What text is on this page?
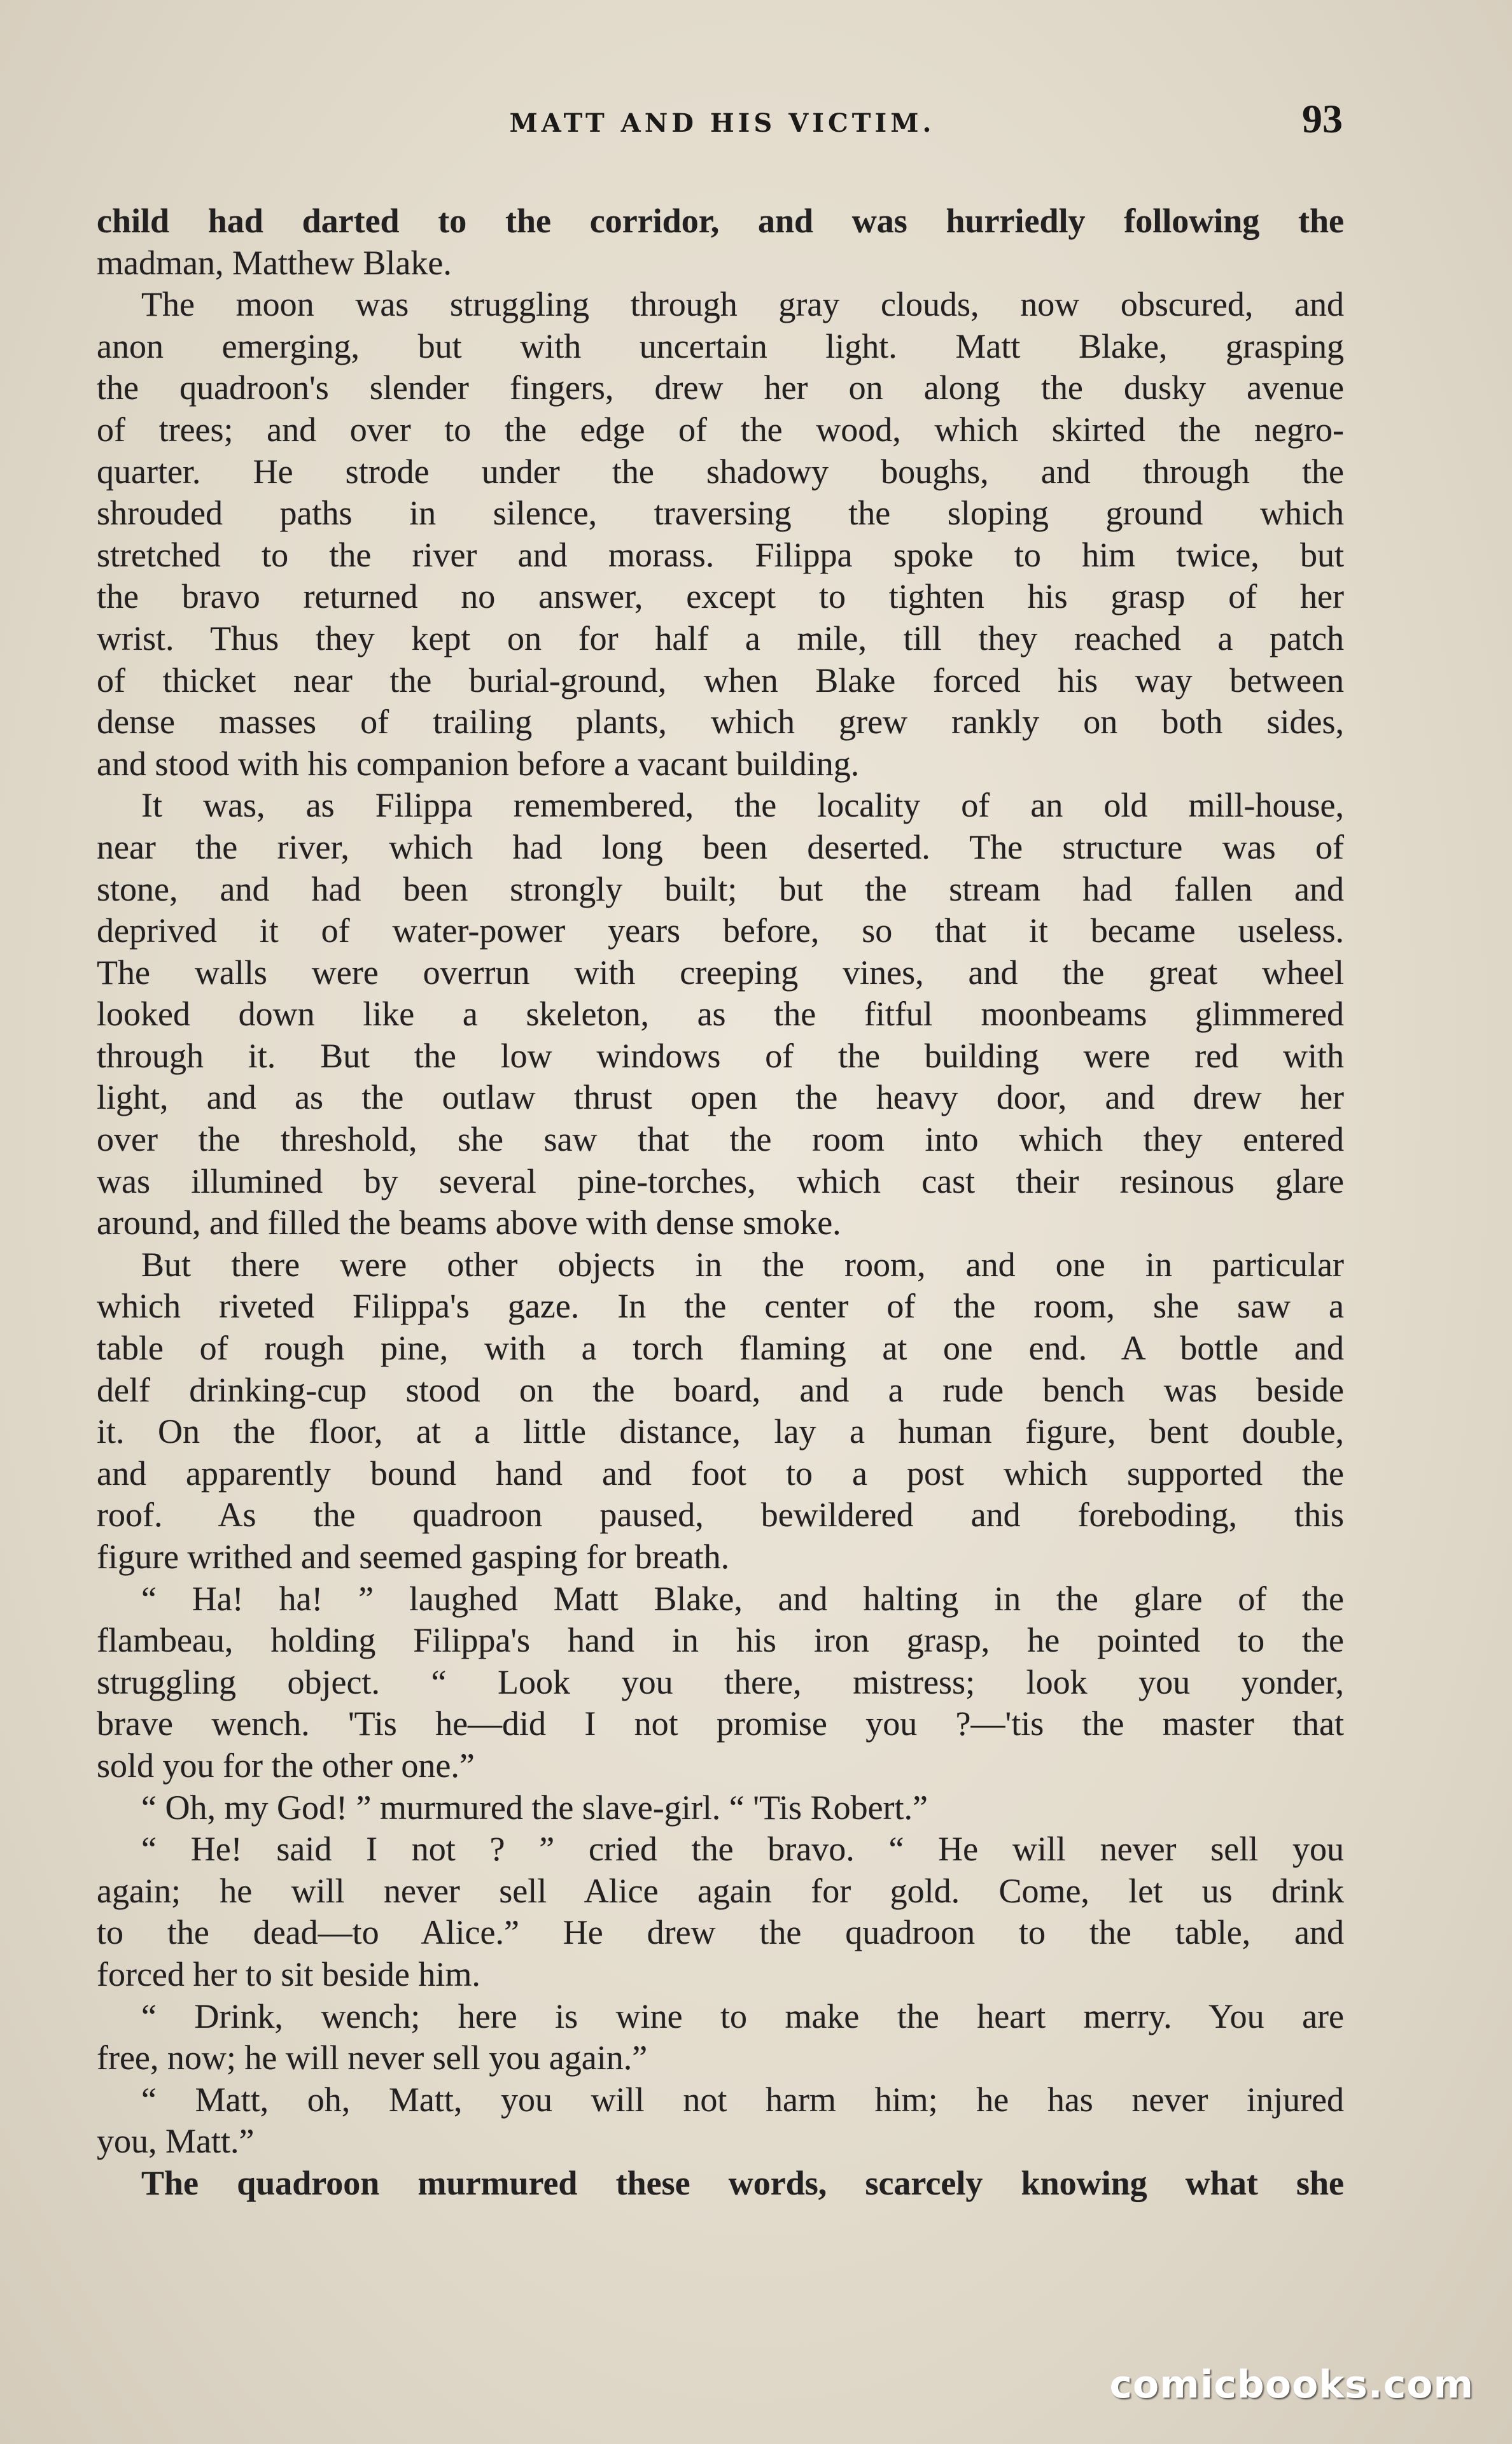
MATT AND HIS VICTIM.	93
child had darted to the corridor, and was hurriedly following the
madman, Matthew Blake.
The moon was struggling through gray clouds, now obscured, and
anon emerging, but with uncertain light. Matt Blake, grasping
the quadroon's slender fingers, drew her on along the dusky avenue
of trees; and over to the edge of the wood, which skirted the negro-
quarter. He strode under the shadowy boughs, and through the
shrouded paths in silence, traversing the sloping ground which
stretched to the river and morass. Filippa spoke to him twice, but
the bravo returned no answer, except to tighten his grasp of her
wrist. Thus they kept on for half a mile, till they reached a patch
of thicket near the burial-ground, when Blake forced his way between
dense masses of trailing plants, which grew rankly on both sides,
and stood with his companion before a vacant building.
It was, as Filippa remembered, the locality of an old mill-house,
near the river, which had long been deserted. The structure was of
stone, and had been strongly built; but the stream had fallen and
deprived it of water-power years before, so that it became useless.
The walls were overrun with creeping vines, and the great wheel
looked down like a skeleton, as the fitful moonbeams glimmered
through it. But the low windows of the building were red with
light, and as the outlaw thrust open the heavy door, and drew her
over the threshold, she saw that the room into which they entered
was illumined by several pine-torches, which cast their resinous glare
around, and filled the beams above with dense smoke.
But there were other objects in the room, and one in particular
which riveted Filippa's gaze. In the center of the room, she saw a
table of rough pine, with a torch flaming at one end. A bottle and
delf drinking-cup stood on the board, and a rude bench was beside
it. On the floor, at a little distance, lay a human figure, bent double,
and apparently bound hand and foot to a post which supported the
roof. As the quadroon paused, bewildered and foreboding, this
figure writhed and seemed gasping for breath.
“ Ha! ha! ” laughed Matt Blake, and halting in the glare of the
flambeau, holding Filippa's hand in his iron grasp, he pointed to the
struggling object. “ Look you there, mistress; look you yonder,
brave wench. 'Tis he—did I not promise you ?—'tis the master that
sold you for the other one.”
“ Oh, my God! ” murmured the slave-girl. “ 'Tis Robert.”
“ He! said I not ? ” cried the bravo. “ He will never sell you
again; he will never sell Alice again for gold. Come, let us drink
to the dead—to Alice.” He drew the quadroon to the table, and
forced her to sit beside him.
“ Drink, wench; here is wine to make the heart merry. You are
free, now; he will never sell you again.”
“ Matt, oh, Matt, you will not harm him; he has never injured
you, Matt.”
The quadroon murmured these words, scarcely knowing what she
comicbooks.com
